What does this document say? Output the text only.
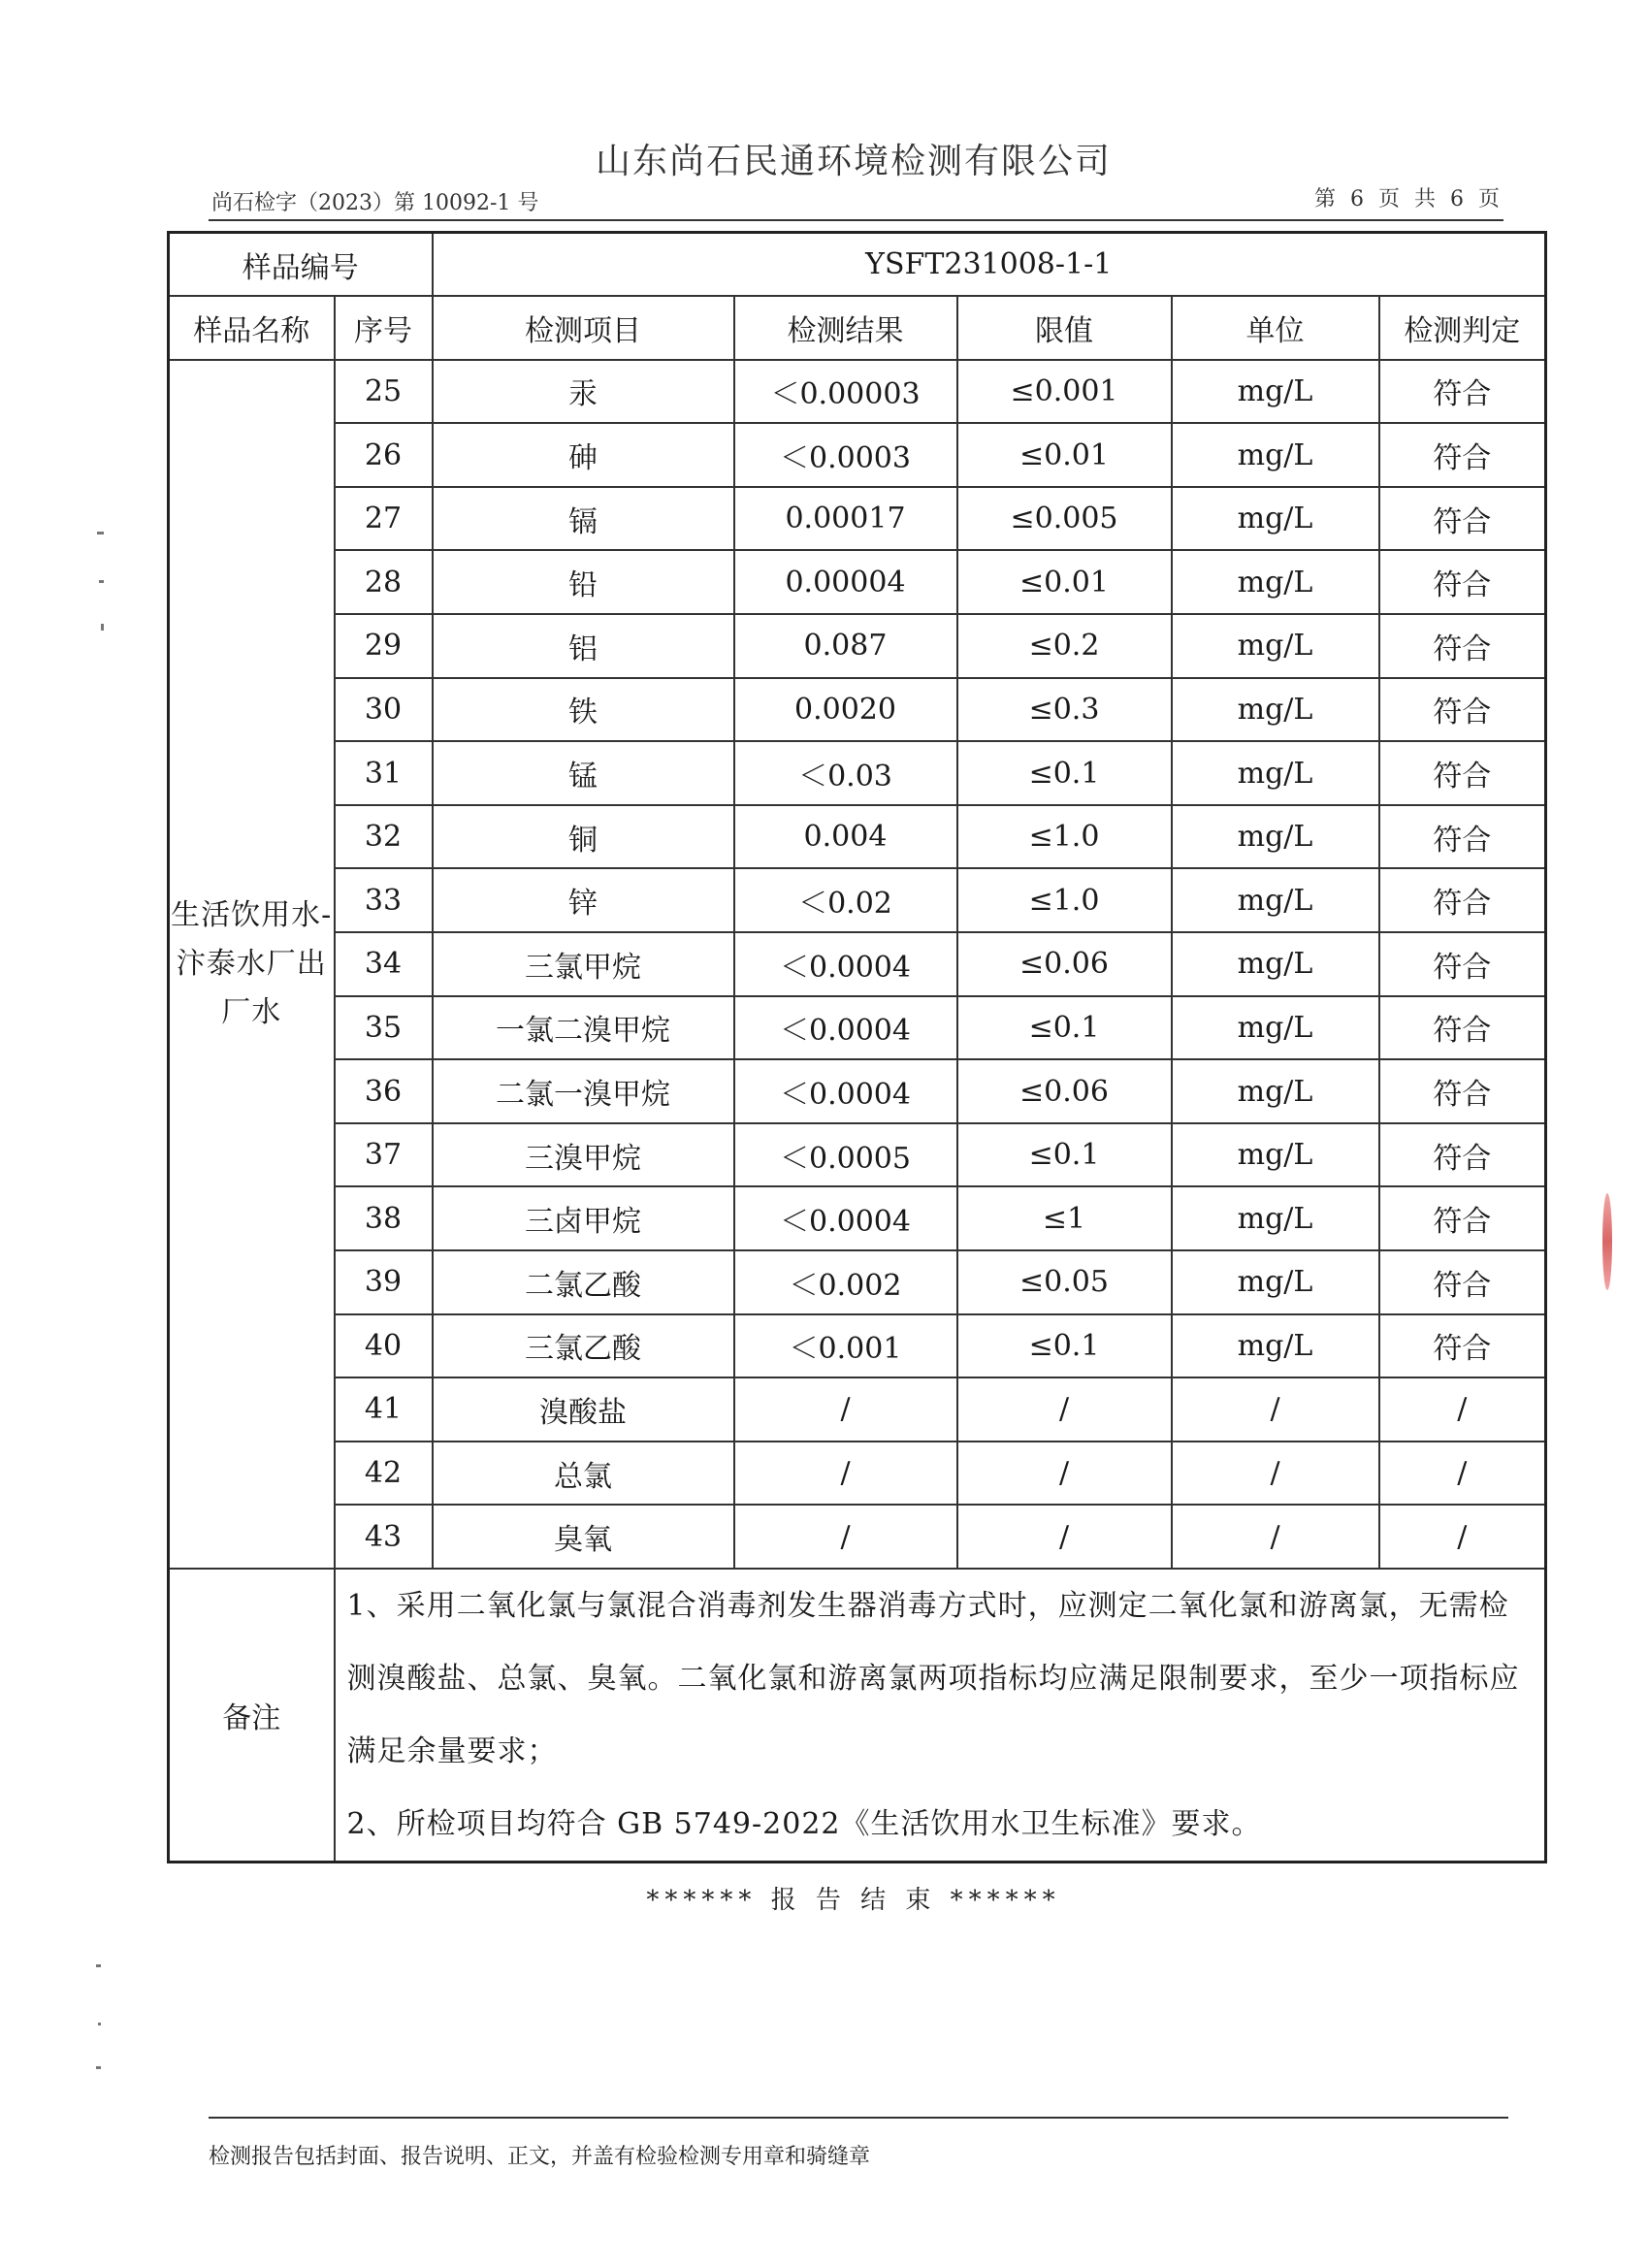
山东尚石民通环境检测有限公司
尚石检字（2023）第 10092-1 号	第 6 页 共 6 页
样品编号		YSFT231008-1-1				
样品名称	序号	检测项目	检测结果	限值	单位	检测判定
生活饮用水-汴泰水厂出厂水	25	汞	＜0.00003	≤0.001	mg/L	符合
	26	砷	＜0.0003	≤0.01	mg/L	符合
	27	镉	0.00017	≤0.005	mg/L	符合
	28	铅	0.00004	≤0.01	mg/L	符合
	29	铝	0.087	≤0.2	mg/L	符合
	30	铁	0.0020	≤0.3	mg/L	符合
	31	锰	＜0.03	≤0.1	mg/L	符合
	32	铜	0.004	≤1.0	mg/L	符合
	33	锌	＜0.02	≤1.0	mg/L	符合
	34	三氯甲烷	＜0.0004	≤0.06	mg/L	符合
	35	一氯二溴甲烷	＜0.0004	≤0.1	mg/L	符合
	36	二氯一溴甲烷	＜0.0004	≤0.06	mg/L	符合
	37	三溴甲烷	＜0.0005	≤0.1	mg/L	符合
	38	三卤甲烷	＜0.0004	≤1	mg/L	符合
	39	二氯乙酸	＜0.002	≤0.05	mg/L	符合
	40	三氯乙酸	＜0.001	≤0.1	mg/L	符合
	41	溴酸盐	/	/	/	/
	42	总氯	/	/	/	/
	43	臭氧	/	/	/	/
备注	1、采用二氧化氯与氯混合消毒剂发生器消毒方式时，应测定二氧化氯和游离氯，无需检测溴酸盐、总氯、臭氧。二氧化氯和游离氯两项指标均应满足限制要求，至少一项指标应满足余量要求；
2、所检项目均符合 GB 5749-2022《生活饮用水卫生标准》要求。					
****** 报 告 结 束 ******
检测报告包括封面、报告说明、正文，并盖有检验检测专用章和骑缝章
